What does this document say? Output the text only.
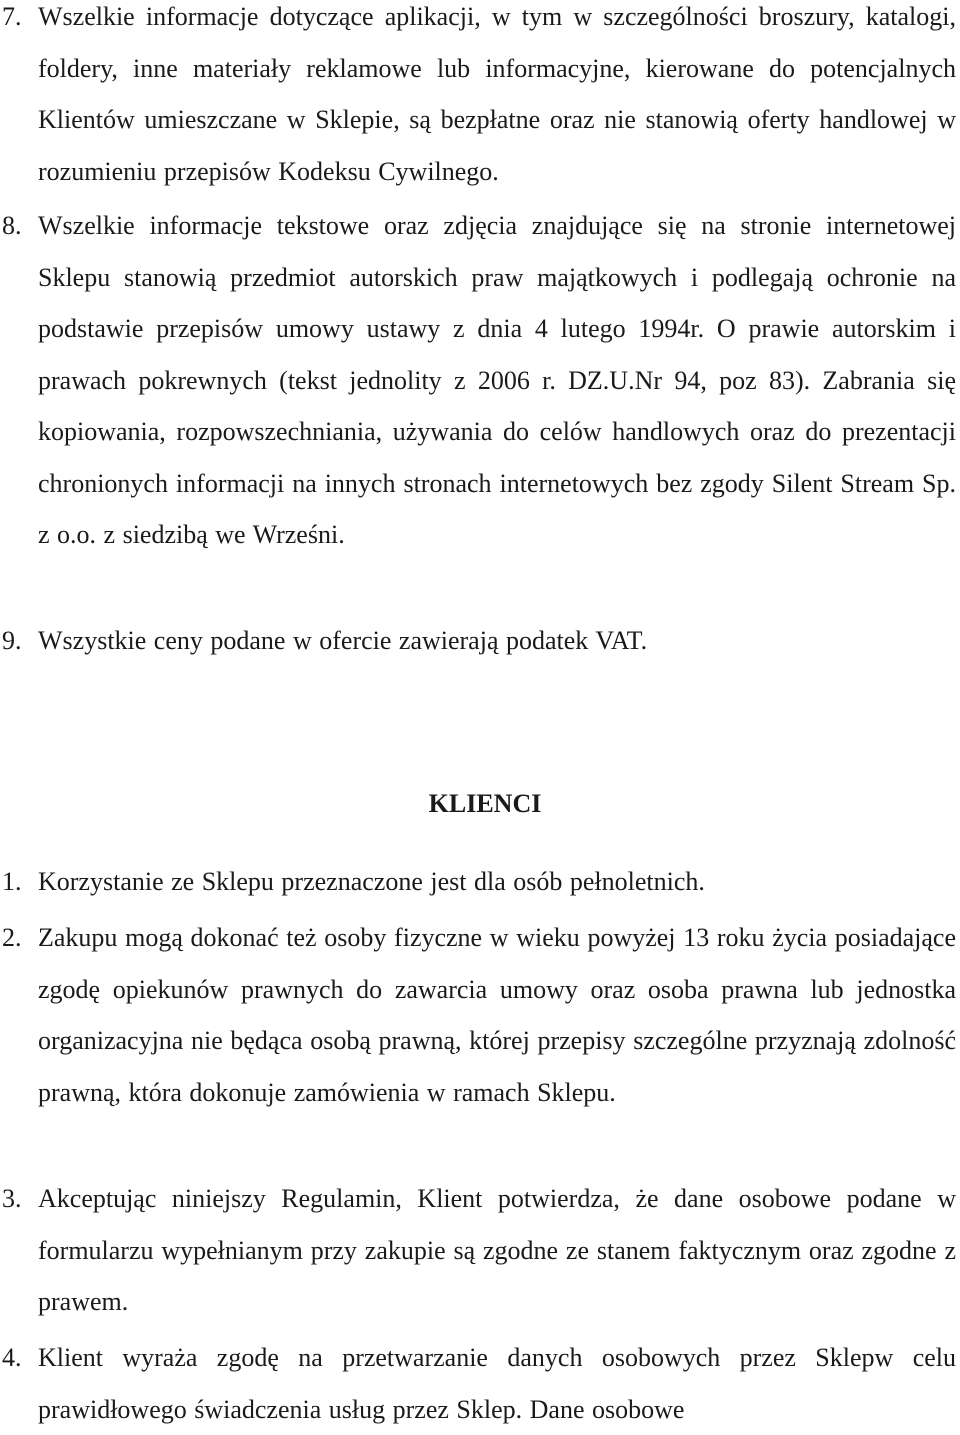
7. Wszelkie informacje dotyczące aplikacji, w tym w szczególności broszury, katalogi, foldery, inne materiały reklamowe lub informacyjne, kierowane do potencjalnych Klientów umieszczane w Sklepie, są bezpłatne oraz nie stanowią oferty handlowej w rozumieniu przepisów Kodeksu Cywilnego.
8. Wszelkie informacje tekstowe oraz zdjęcia znajdujące się na stronie internetowej Sklepu stanowią przedmiot autorskich praw majątkowych i podlegają ochronie na podstawie przepisów umowy ustawy z dnia 4 lutego 1994r. O prawie autorskim i prawach pokrewnych (tekst jednolity z 2006 r. DZ.U.Nr 94, poz 83). Zabrania się kopiowania, rozpowszechniania, używania do celów handlowych oraz do prezentacji chronionych informacji na innych stronach internetowych bez zgody Silent Stream Sp. z o.o. z siedzibą we Wrześni.
9. Wszystkie ceny podane w ofercie zawierają podatek VAT.
KLIENCI
1. Korzystanie ze Sklepu przeznaczone jest dla osób pełnoletnich.
2. Zakupu mogą dokonać też osoby fizyczne w wieku powyżej 13 roku życia posiadające zgodę opiekunów prawnych do zawarcia umowy oraz osoba prawna lub jednostka organizacyjna nie będąca osobą prawną, której przepisy szczególne przyznają zdolność prawną, która dokonuje zamówienia w ramach Sklepu.
3. Akceptując niniejszy Regulamin, Klient potwierdza, że dane osobowe podane w formularzu wypełnianym przy zakupie są zgodne ze stanem faktycznym oraz zgodne z prawem.
4. Klient wyraża zgodę na przetwarzanie danych osobowych przez Sklepw celu prawidłowego świadczenia usług przez Sklep. Dane osobowe
